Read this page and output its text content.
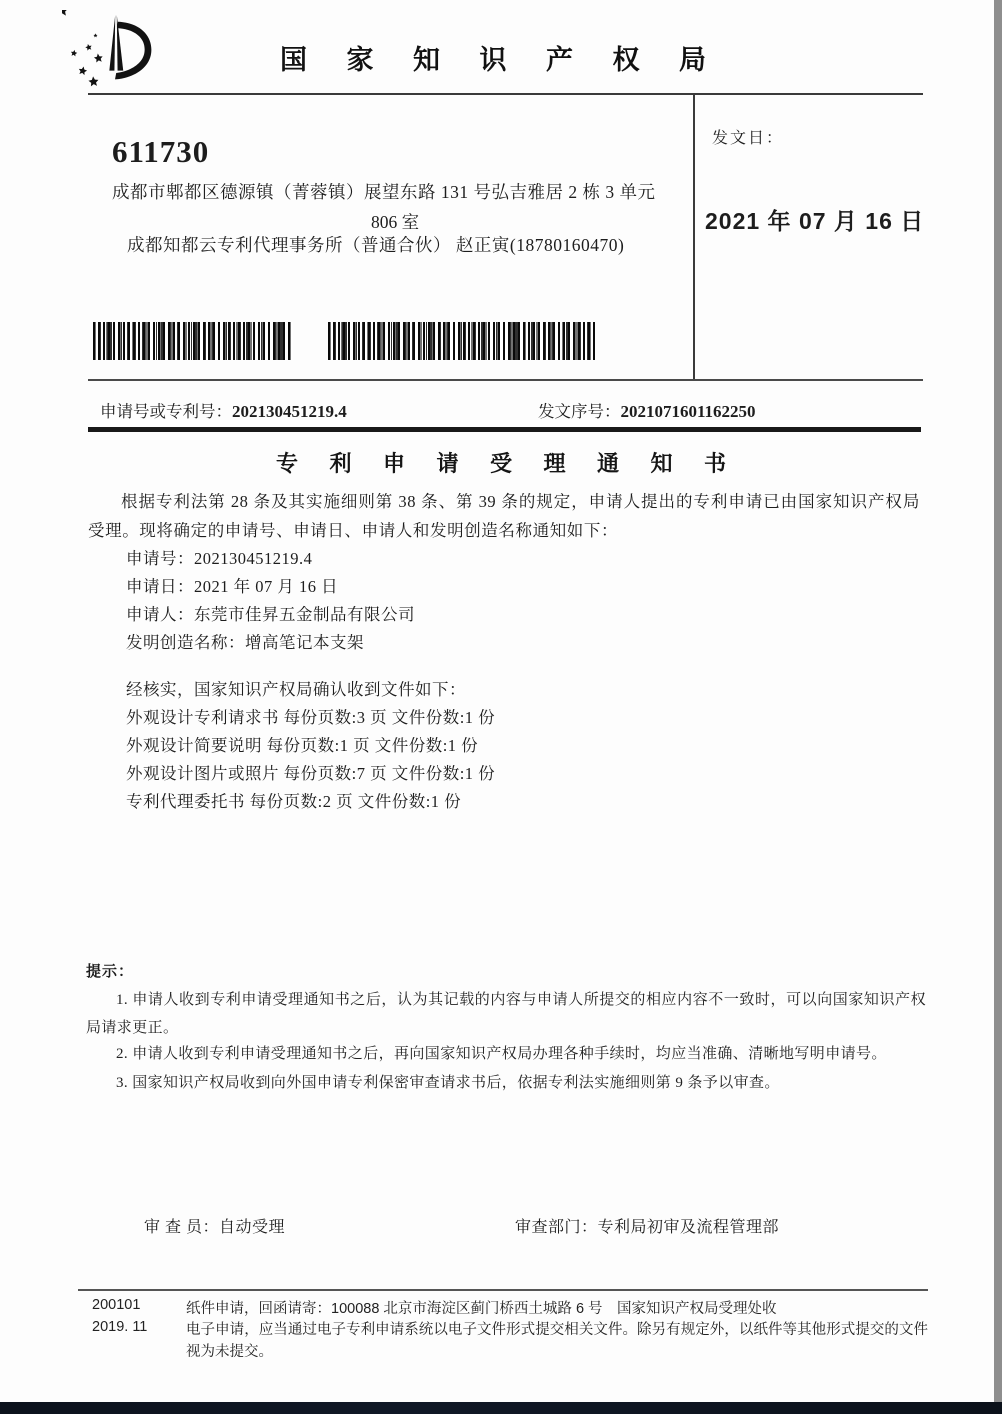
国 家 知 识 产 权 局
611730
成都市郫都区德源镇（菁蓉镇）展望东路 131 号弘吉雅居 2 栋 3 单元
806 室
成都知都云专利代理事务所（普通合伙） 赵正寅(18780160470)
发文日：
2021 年 07 月 16 日
申请号或专利号：202130451219.4	发文序号：2021071601162250
专 利 申 请 受 理 通 知 书

根据专利法第 28 条及其实施细则第 38 条、第 39 条的规定，申请人提出的专利申请已由国家知识产权局受理。现将确定的申请号、申请日、申请人和发明创造名称通知如下：

申请号：202130451219.4
申请日：2021 年 07 月 16 日
申请人：东莞市佳昇五金制品有限公司
发明创造名称：增高笔记本支架
经核实，国家知识产权局确认收到文件如下：
外观设计专利请求书 每份页数:3 页 文件份数:1 份
外观设计简要说明 每份页数:1 页 文件份数:1 份
外观设计图片或照片 每份页数:7 页 文件份数:1 份
专利代理委托书 每份页数:2 页 文件份数:1 份
提示：

1. 申请人收到专利申请受理通知书之后，认为其记载的内容与申请人所提交的相应内容不一致时，可以向国家知识产权局请求更正。

2. 申请人收到专利申请受理通知书之后，再向国家知识产权局办理各种手续时，均应当准确、清晰地写明申请号。

3. 国家知识产权局收到向外国申请专利保密审查请求书后，依据专利法实施细则第 9 条予以审查。

审 查 员：自动受理	审查部门：专利局初审及流程管理部
200101
2019. 11
纸件申请，回函请寄：100088 北京市海淀区蓟门桥西土城路 6 号　国家知识产权局受理处收
电子申请，应当通过电子专利申请系统以电子文件形式提交相关文件。除另有规定外，以纸件等其他形式提交的文件视为未提交。
